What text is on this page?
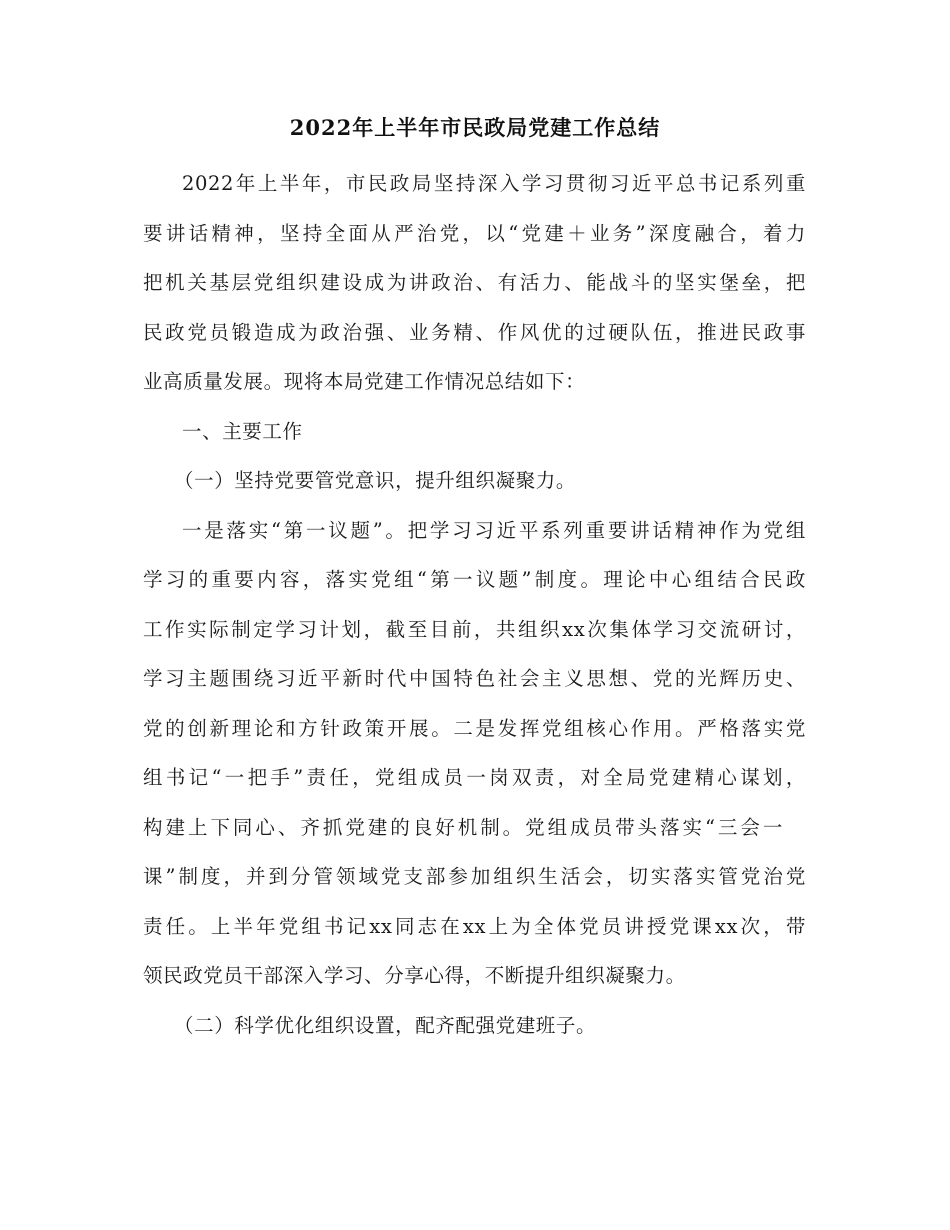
2022年上半年市民政局党建工作总结
2022年上半年，市民政局坚持深入学习贯彻习近平总书记系列重
要讲话精神，坚持全面从严治党，以“党建＋业务”深度融合，着力
把机关基层党组织建设成为讲政治、有活力、能战斗的坚实堡垒，把
民政党员锻造成为政治强、业务精、作风优的过硬队伍，推进民政事
业高质量发展。现将本局党建工作情况总结如下：
一、主要工作
（一）坚持党要管党意识，提升组织凝聚力。
一是落实“第一议题”。把学习习近平系列重要讲话精神作为党组
学习的重要内容，落实党组“第一议题”制度。理论中心组结合民政
工作实际制定学习计划，截至目前，共组织xx次集体学习交流研讨，
学习主题围绕习近平新时代中国特色社会主义思想、党的光辉历史、
党的创新理论和方针政策开展。二是发挥党组核心作用。严格落实党
组书记“一把手”责任，党组成员一岗双责，对全局党建精心谋划，
构建上下同心、齐抓党建的良好机制。党组成员带头落实“三会一
课”制度，并到分管领域党支部参加组织生活会，切实落实管党治党
责任。上半年党组书记xx同志在xx上为全体党员讲授党课xx次，带
领民政党员干部深入学习、分享心得，不断提升组织凝聚力。
（二）科学优化组织设置，配齐配强党建班子。
